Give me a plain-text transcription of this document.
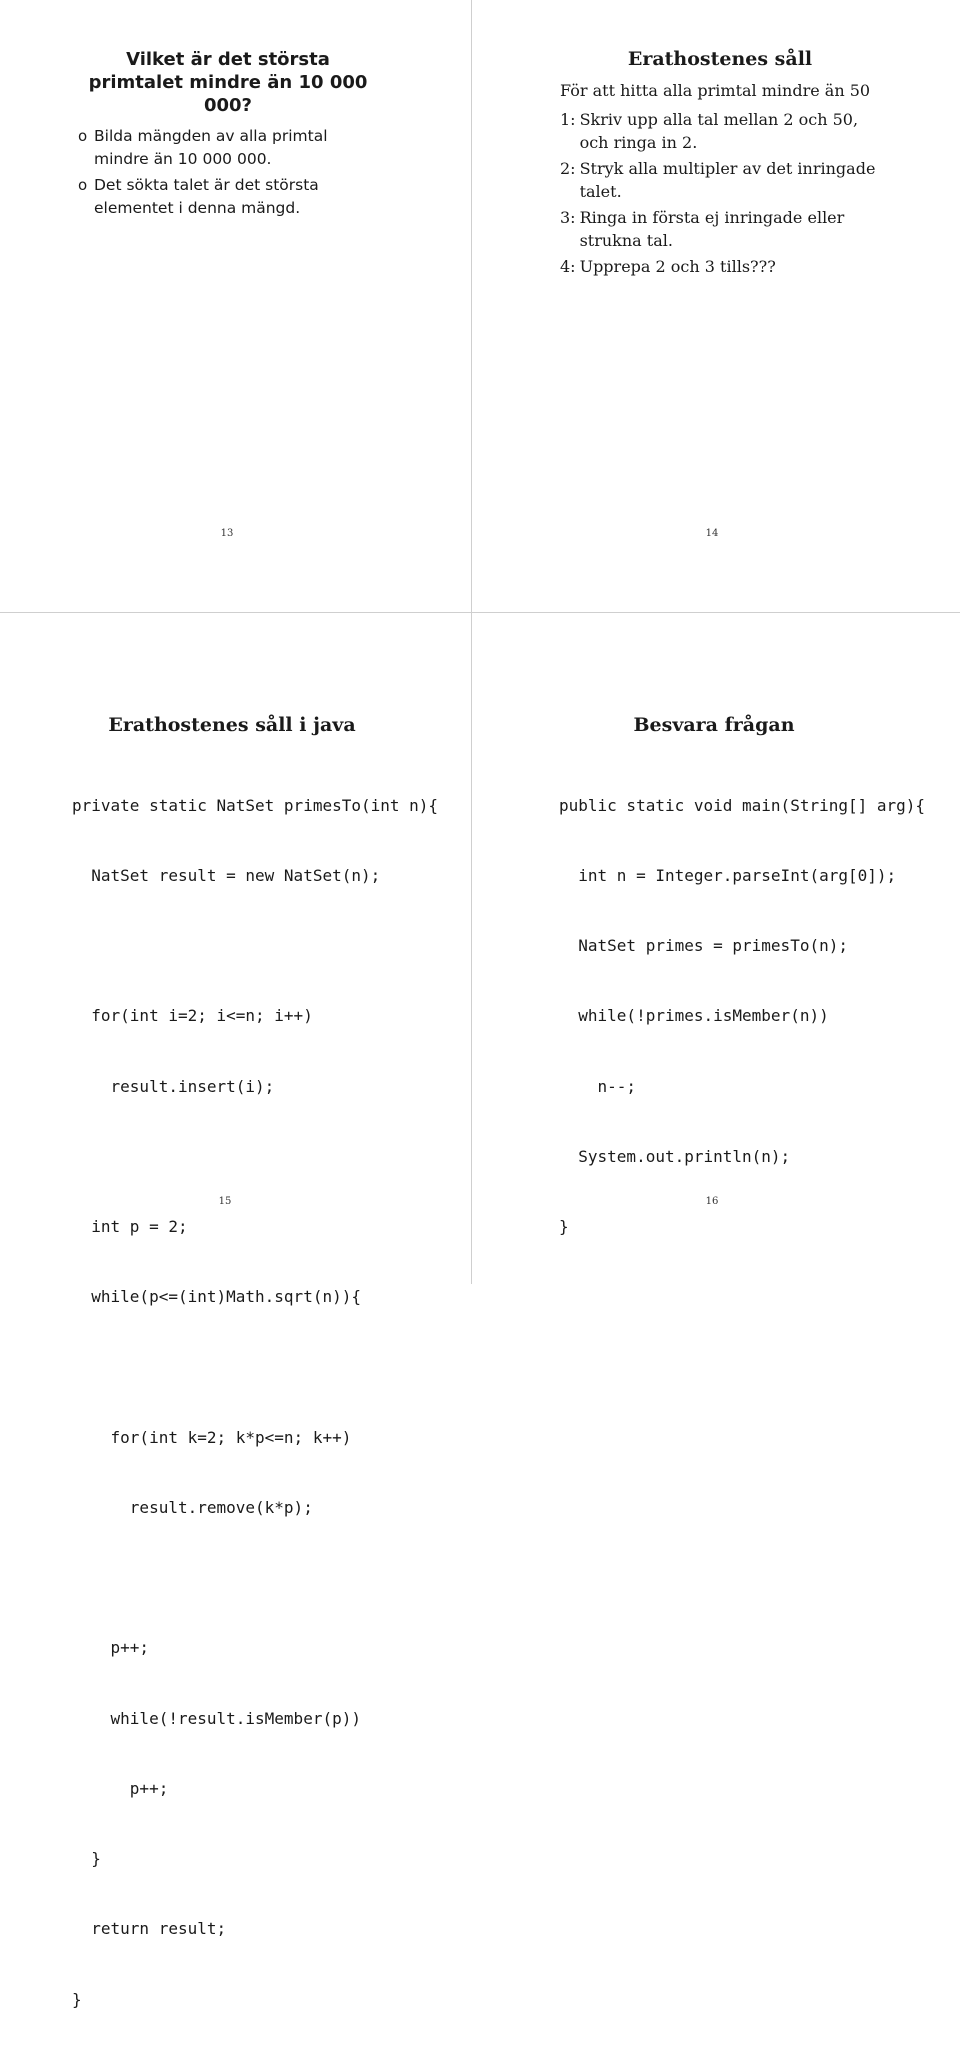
Vilket är det största primtalet mindre än 10 000 000?
o Bilda mängden av alla primtal mindre än 10 000 000.
o Det sökta talet är det största elementet i denna mängd.
13
Erathostenes såll
För att hitta alla primtal mindre än 50
1: Skriv upp alla tal mellan 2 och 50, och ringa in 2.
2: Stryk alla multipler av det inringade talet.
3: Ringa in första ej inringade eller strukna tal.
4: Upprepa 2 och 3 tills???
14
Erathostenes såll i java

private static NatSet primesTo(int n){

NatSet result = new NatSet(n);

for(int i=2; i<=n; i++)

result.insert(i);

int p = 2;

while(p<=(int)Math.sqrt(n)){

for(int k=2; k*p<=n; k++)

result.remove(k*p);

p++;

while(!result.isMember(p))

p++;

}

return result;

}

15
Besvara frågan

public static void main(String[] arg){

int n = Integer.parseInt(arg[0]);

NatSet primes = primesTo(n);

while(!primes.isMember(n))

n--;

System.out.println(n);

}

16
